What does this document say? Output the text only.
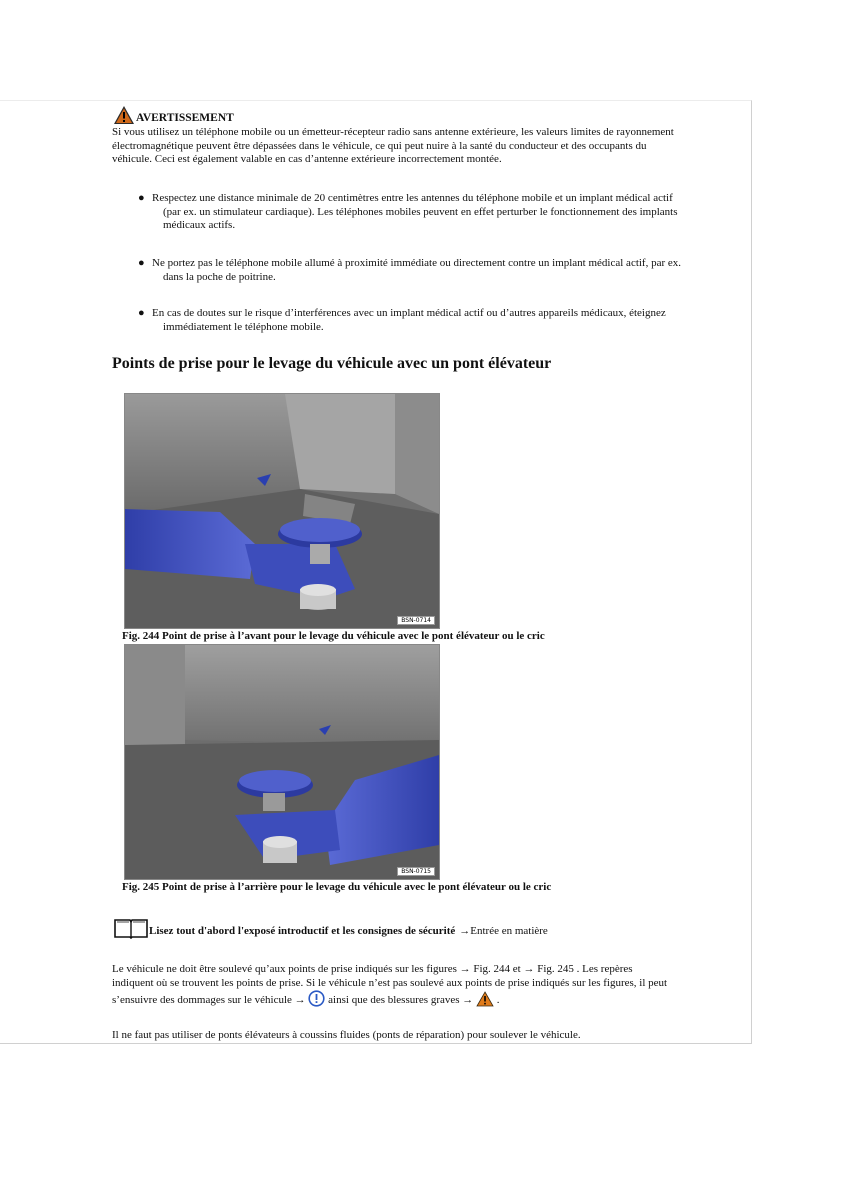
AVERTISSEMENT
Si vous utilisez un téléphone mobile ou un émetteur-récepteur radio sans antenne extérieure, les valeurs limites de rayonnement
électromagnétique peuvent être dépassées dans le véhicule, ce qui peut nuire à la santé du conducteur et des occupants du
véhicule. Ceci est également valable en cas d’antenne extérieure incorrectement montée.
● Respectez une distance minimale de 20 centimètres entre les antennes du téléphone mobile et un implant médical actif
(par ex. un stimulateur cardiaque). Les téléphones mobiles peuvent en effet perturber le fonctionnement des implants
médicaux actifs.
● Ne portez pas le téléphone mobile allumé à proximité immédiate ou directement contre un implant médical actif, par ex.
dans la poche de poitrine.
● En cas de doutes sur le risque d’interférences avec un implant médical actif ou d’autres appareils médicaux, éteignez
immédiatement le téléphone mobile.
Points de prise pour le levage du véhicule avec un pont élévateur
BSN-0714
Fig. 244 Point de prise à l’avant pour le levage du véhicule avec le pont élévateur ou le cric
BSN-0715
Fig. 245 Point de prise à l’arrière pour le levage du véhicule avec le pont élévateur ou le cric
Lisez tout d'abord l'exposé introductif et les consignes de sécurité → Entrée en matière
Le véhicule ne doit être soulevé qu’aux points de prise indiqués sur les figures → Fig. 244 et → Fig. 245 . Les repères
indiquent où se trouvent les points de prise. Si le véhicule n’est pas soulevé aux points de prise indiqués sur les figures, il peut
s’ensuivre des dommages sur le véhicule →  ainsi que des blessures graves →  .
Il ne faut pas utiliser de ponts élévateurs à coussins fluides (ponts de réparation) pour soulever le véhicule.
